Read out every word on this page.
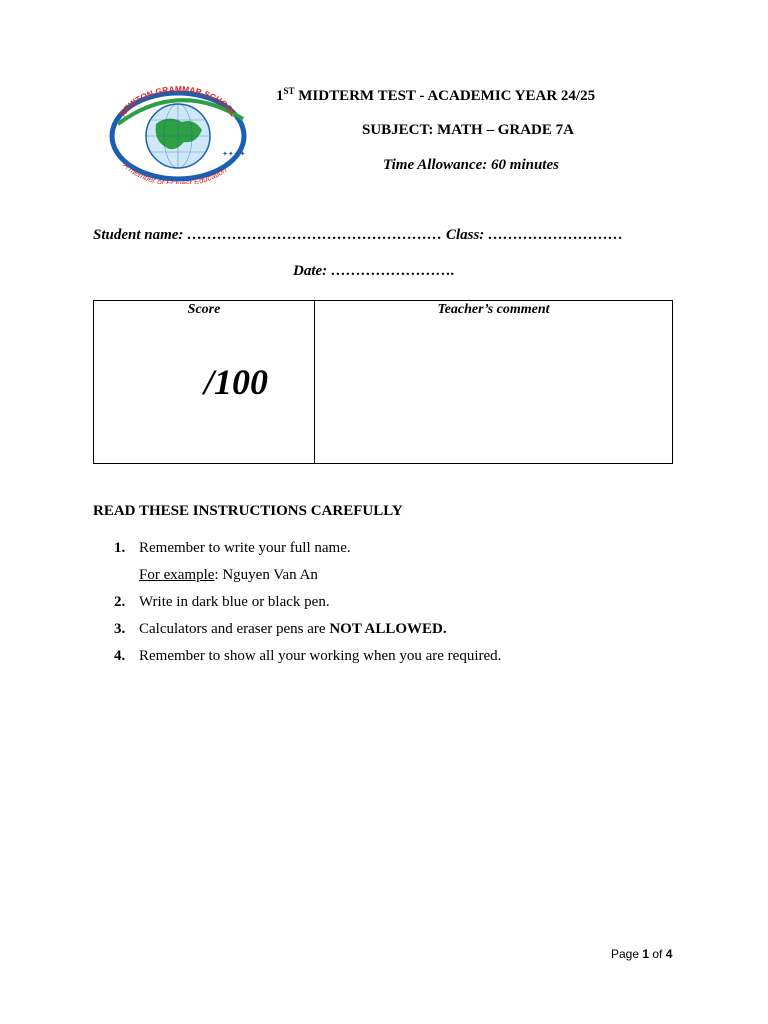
NEWTON GRAMMAR SCHOOL
A member of EQuest Education
✦✦✦✦
1ST MIDTERM TEST - ACADEMIC YEAR 24/25
SUBJECT: MATH – GRADE 7A
Time Allowance: 60 minutes
Student name: …………………………………………… Class: ………………………
Date: …………………….
Score
/100
Teacher’s comment
READ THESE INSTRUCTIONS CAREFULLY
1. Remember to write your full name.
For example: Nguyen Van An
2. Write in dark blue or black pen.
3. Calculators and eraser pens are NOT ALLOWED.
4. Remember to show all your working when you are required.
Page 1 of 4
